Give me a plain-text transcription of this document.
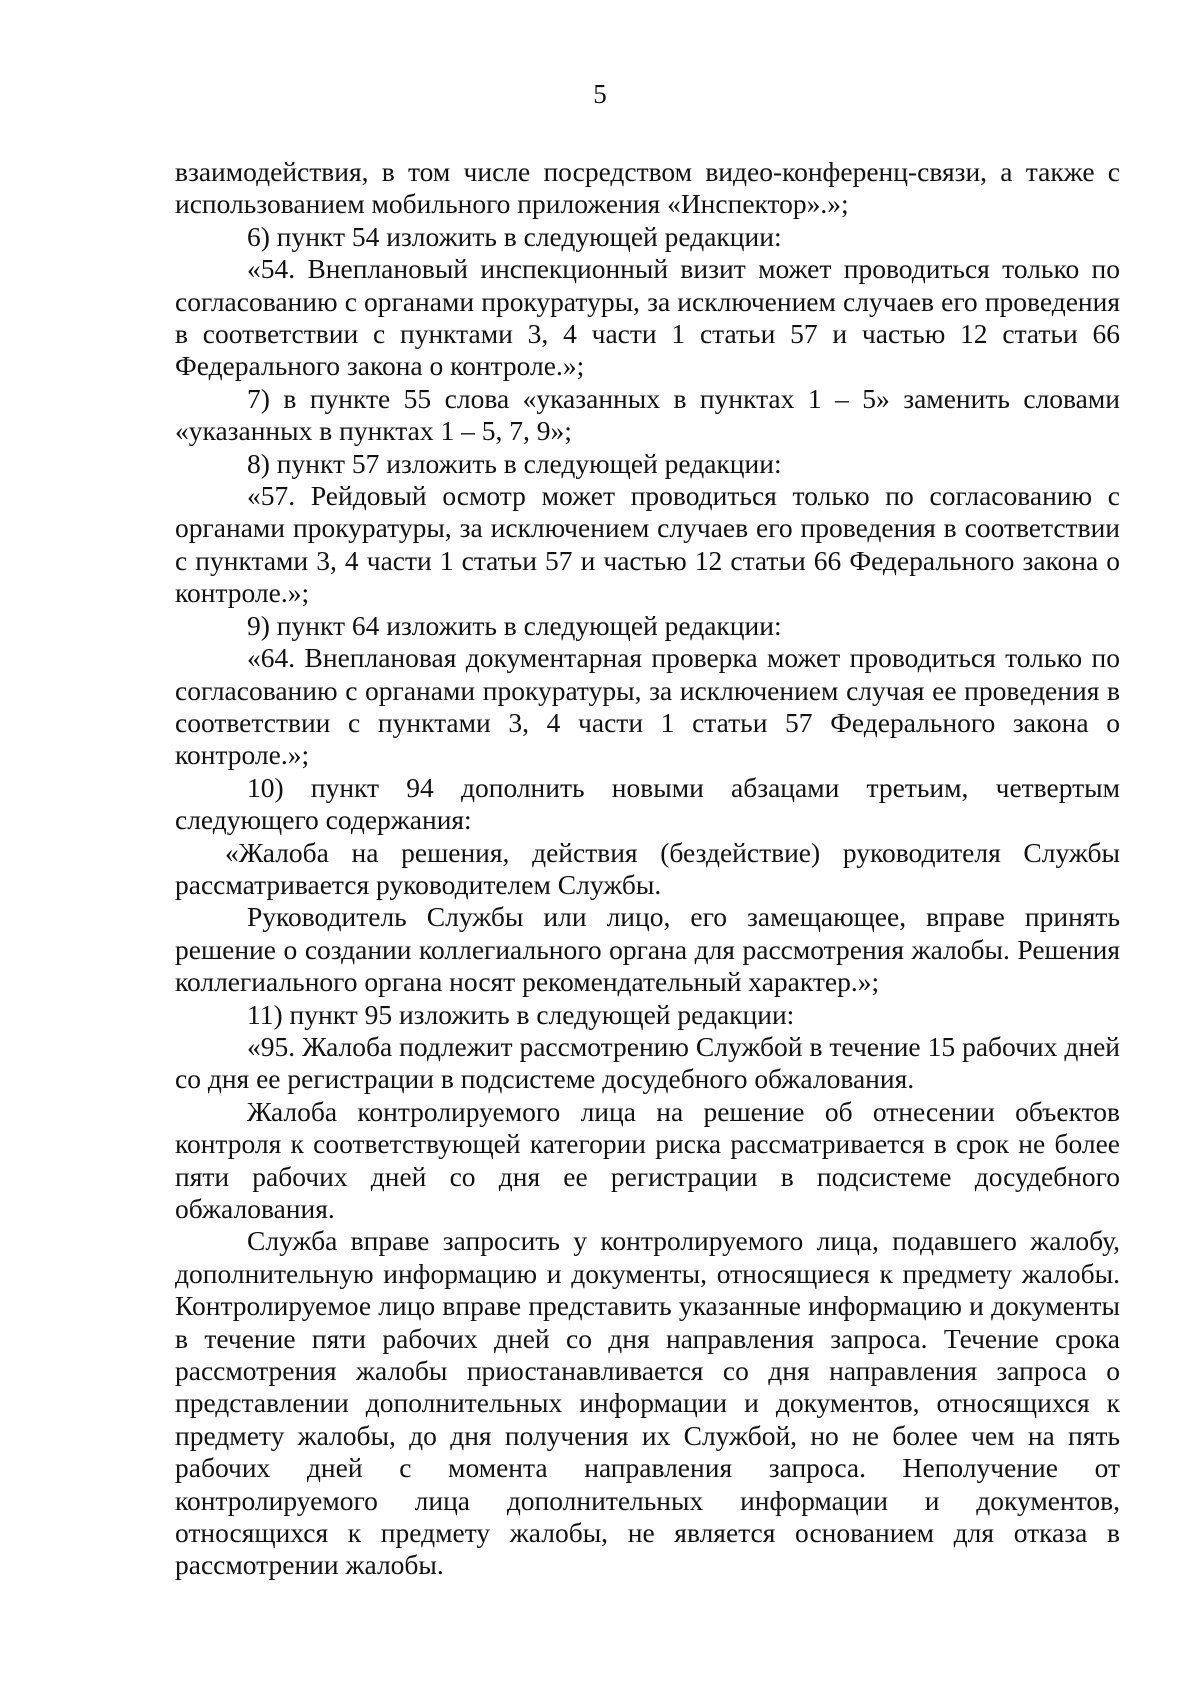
5

взаимодействия, в том числе посредством видео-конференц-связи, а также с использованием мобильного приложения «Инспектор».»;

6) пункт 54 изложить в следующей редакции:

«54. Внеплановый инспекционный визит может проводиться только по согласованию с органами прокуратуры, за исключением случаев его проведения в соответствии с пунктами 3, 4 части 1 статьи 57 и частью 12 статьи 66 Федерального закона о контроле.»;

7) в пункте 55 слова «указанных в пунктах 1 – 5» заменить словами «указанных в пунктах 1 – 5, 7, 9»;

8) пункт 57 изложить в следующей редакции:

«57. Рейдовый осмотр может проводиться только по согласованию с органами прокуратуры, за исключением случаев его проведения в соответствии с пунктами 3, 4 части 1 статьи 57 и частью 12 статьи 66 Федерального закона о контроле.»;

9) пункт 64 изложить в следующей редакции:

«64. Внеплановая документарная проверка может проводиться только по согласованию с органами прокуратуры, за исключением случая ее проведения в соответствии с пунктами 3, 4 части 1 статьи 57 Федерального закона о контроле.»;

10) пункт 94 дополнить новыми абзацами третьим, четвертым следующего содержания:

«Жалоба на решения, действия (бездействие) руководителя Службы рассматривается руководителем Службы.

Руководитель Службы или лицо, его замещающее, вправе принять решение о создании коллегиального органа для рассмотрения жалобы. Решения коллегиального органа носят рекомендательный характер.»;

11) пункт 95 изложить в следующей редакции:

«95. Жалоба подлежит рассмотрению Службой в течение 15 рабочих дней со дня ее регистрации в подсистеме досудебного обжалования.

Жалоба контролируемого лица на решение об отнесении объектов контроля к соответствующей категории риска рассматривается в срок не более пяти рабочих дней со дня ее регистрации в подсистеме досудебного обжалования.

Служба вправе запросить у контролируемого лица, подавшего жалобу, дополнительную информацию и документы, относящиеся к предмету жалобы. Контролируемое лицо вправе представить указанные информацию и документы в течение пяти рабочих дней со дня направления запроса. Течение срока рассмотрения жалобы приостанавливается со дня направления запроса о представлении дополнительных информации и документов, относящихся к предмету жалобы, до дня получения их Службой, но не более чем на пять рабочих дней с момента направления запроса. Неполучение от контролируемого лица дополнительных информации и документов, относящихся к предмету жалобы, не является основанием для отказа в рассмотрении жалобы.
